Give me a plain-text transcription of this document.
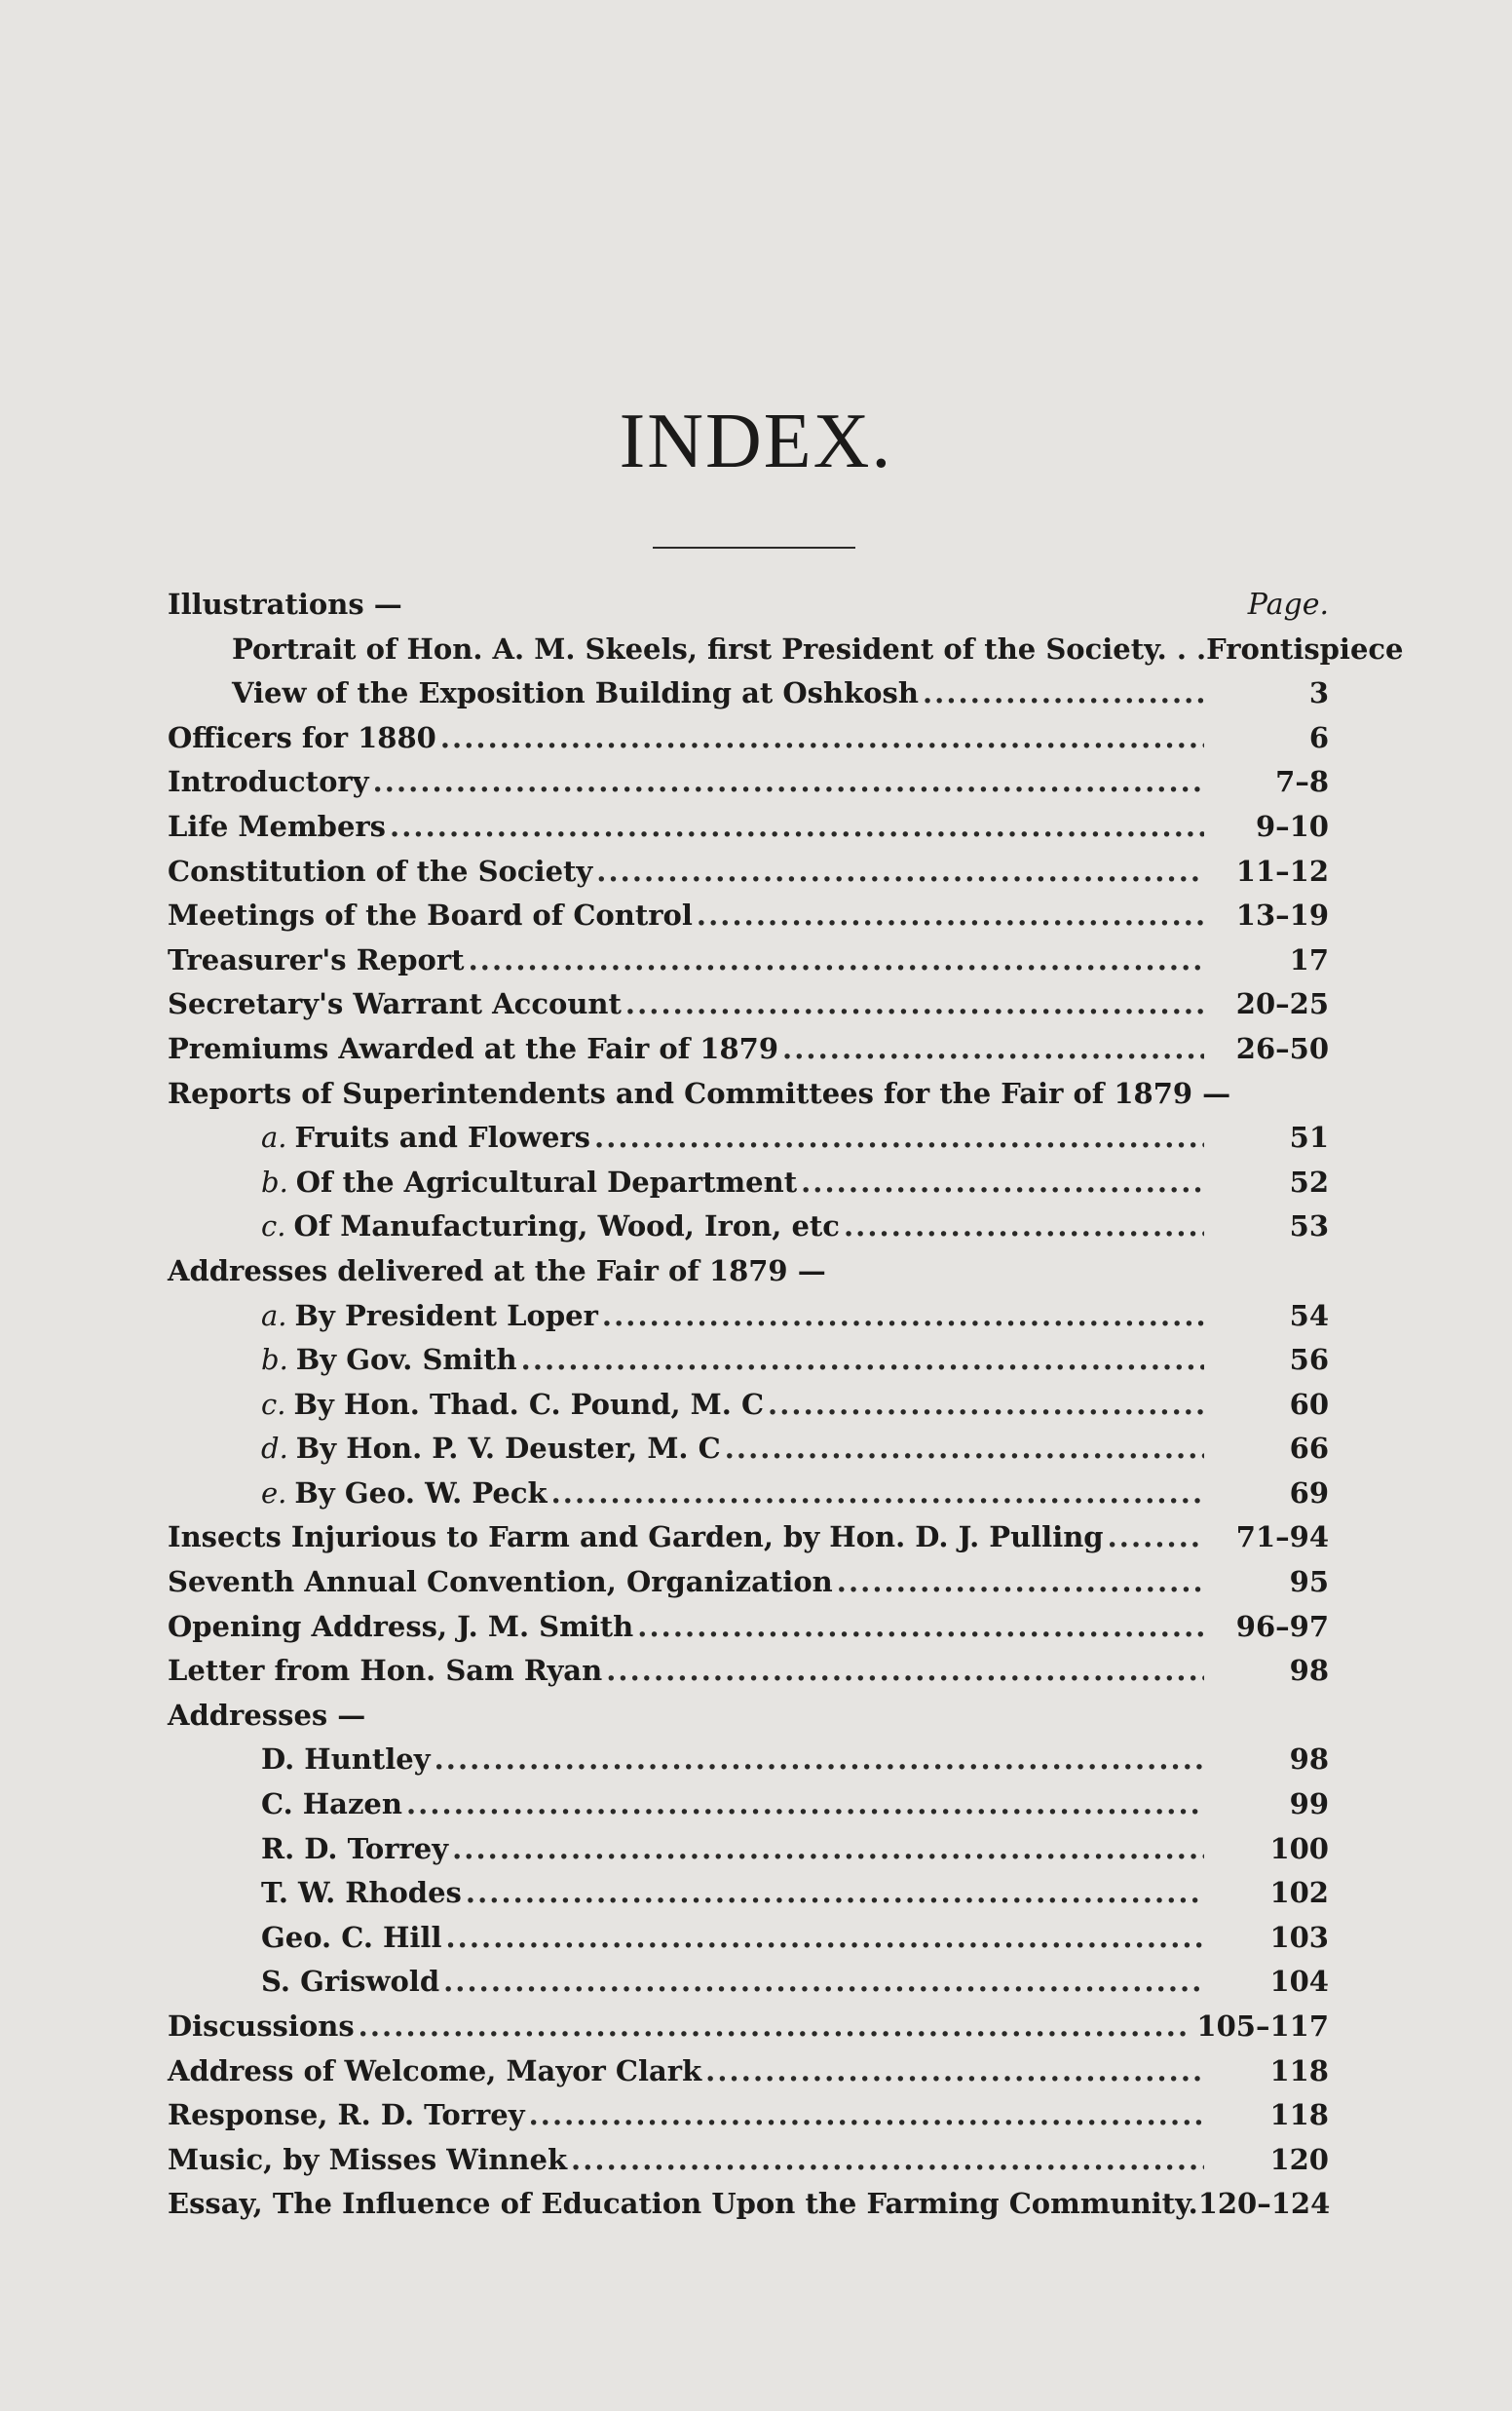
INDEX.
Illustrations —	Page.
Portrait of Hon. A. M. Skeels, first President of the Society. . .Frontispiece
View of the Exposition Building at Oshkosh . . .	3
Officers for 1880 . . .	6
Introductory . . .	7–8
Life Members . . .	9–10
Constitution of the Society . . .	11–12
Meetings of the Board of Control . . .	13–19
Treasurer's Report . . .	17
Secretary's Warrant Account . . .	20–25
Premiums Awarded at the Fair of 1879 . . .	26–50
Reports of Superintendents and Committees for the Fair of 1879 —
a. Fruits and Flowers . . .	51
b. Of the Agricultural Department . . .	52
c. Of Manufacturing, Wood, Iron, etc . . .	53
Addresses delivered at the Fair of 1879 —
a. By President Loper . . .	54
b. By Gov. Smith . . .	56
c. By Hon. Thad. C. Pound, M. C . . .	60
d. By Hon. P. V. Deuster, M. C . . .	66
e. By Geo. W. Peck . . .	69
Insects Injurious to Farm and Garden, by Hon. D. J. Pulling . . .	71–94
Seventh Annual Convention, Organization . . .	95
Opening Address, J. M. Smith . . .	96–97
Letter from Hon. Sam Ryan . . .	98
Addresses —
D. Huntley . . .	98
C. Hazen . . .	99
R. D. Torrey . . .	100
T. W. Rhodes . . .	102
Geo. C. Hill . . .	103
S. Griswold . . .	104
Discussions . . .	105–117
Address of Welcome, Mayor Clark . . .	118
Response, R. D. Torrey . . .	118
Music, by Misses Winnek . . .	120
Essay, The Influence of Education Upon the Farming Community. 120–124
